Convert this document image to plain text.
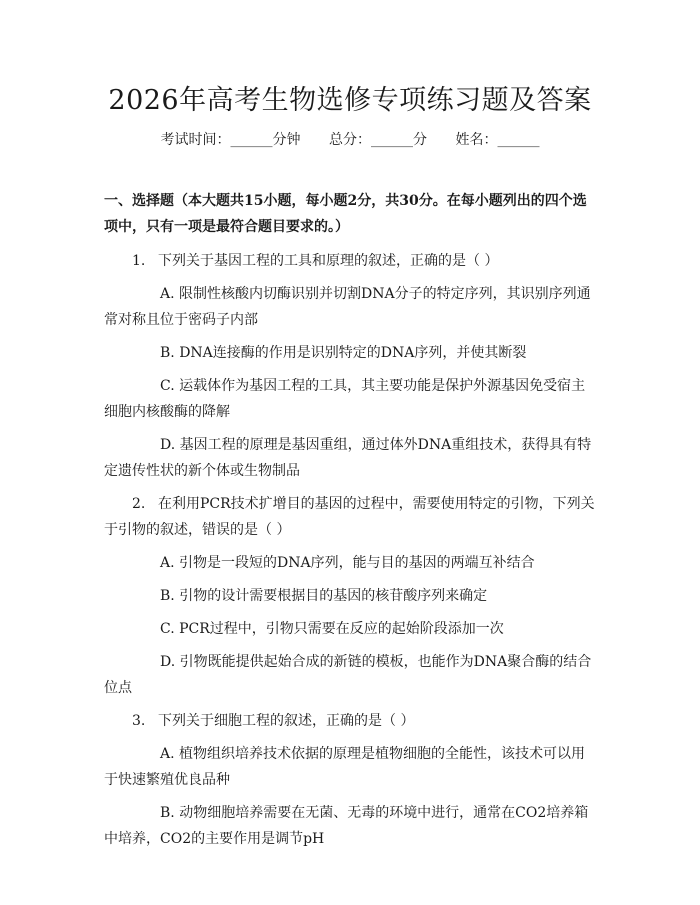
2026年高考生物选修专项练习题及答案
考试时间：______分钟 总分：______分 姓名：______
一、选择题（本大题共15小题，每小题2分，共30分。在每小题列出的四个选项中，只有一项是最符合题目要求的。）
1. 下列关于基因工程的工具和原理的叙述，正确的是（ ）
A. 限制性核酸内切酶识别并切割DNA分子的特定序列，其识别序列通常对称且位于密码子内部
B. DNA连接酶的作用是识别特定的DNA序列，并使其断裂
C. 运载体作为基因工程的工具，其主要功能是保护外源基因免受宿主细胞内核酸酶的降解
D. 基因工程的原理是基因重组，通过体外DNA重组技术，获得具有特定遗传性状的新个体或生物制品
2. 在利用PCR技术扩增目的基因的过程中，需要使用特定的引物，下列关于引物的叙述，错误的是（ ）
A. 引物是一段短的DNA序列，能与目的基因的两端互补结合
B. 引物的设计需要根据目的基因的核苷酸序列来确定
C. PCR过程中，引物只需要在反应的起始阶段添加一次
D. 引物既能提供起始合成的新链的模板，也能作为DNA聚合酶的结合位点
3. 下列关于细胞工程的叙述，正确的是（ ）
A. 植物组织培养技术依据的原理是植物细胞的全能性，该技术可以用于快速繁殖优良品种
B. 动物细胞培养需要在无菌、无毒的环境中进行，通常在CO2培养箱中培养，CO2的主要作用是调节pH
